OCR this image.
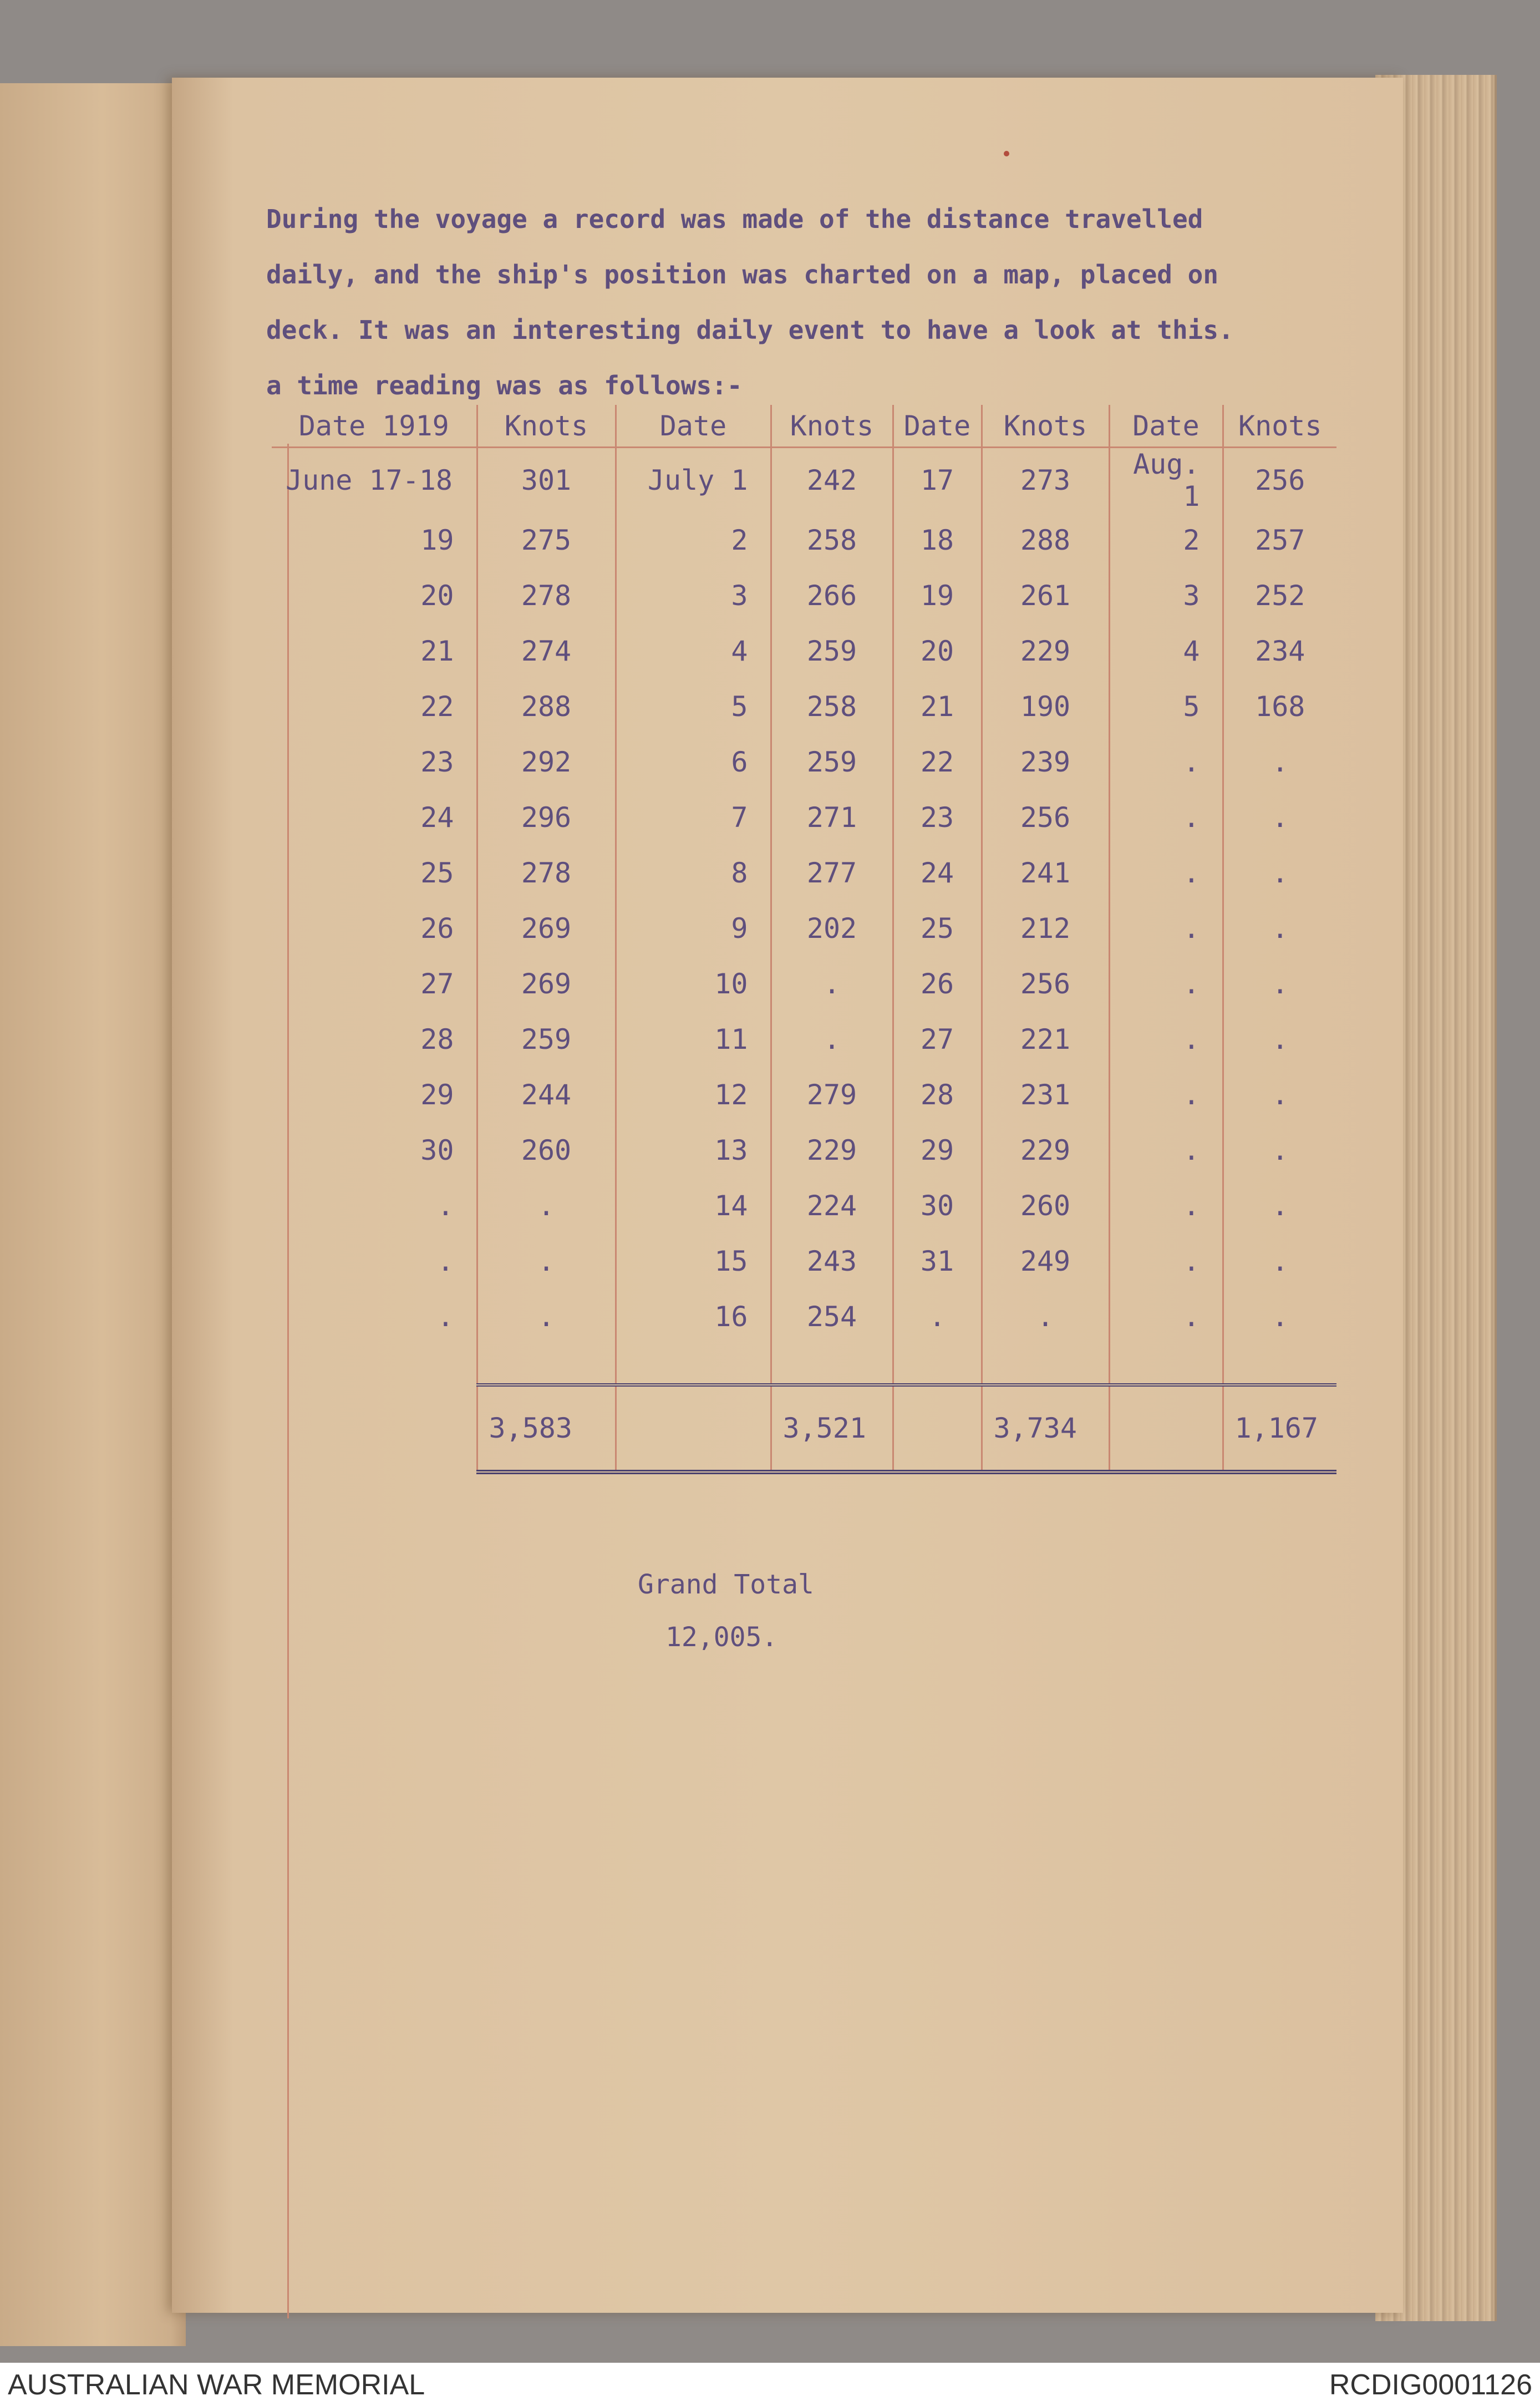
During the voyage a record was made of the distance travelled
daily, and the ship's position was charted on a map, placed on
deck. It was an interesting daily event to have a look at this.
a time reading was as follows:-

Date 1919	Knots	Date	Knots	Date	Knots	Date	Knots
June 17-18	301	July 1	242	17	273	Aug. 1	256
19	275	2	258	18	288	2	257
20	278	3	266	19	261	3	252
21	274	4	259	20	229	4	234
22	288	5	258	21	190	5	168
23	292	6	259	22	239	.	.
24	296	7	271	23	256	.	.
25	278	8	277	24	241	.	.
26	269	9	202	25	212	.	.
27	269	10	.	26	256	.	.
28	259	11	.	27	221	.	.
29	244	12	279	28	231	.	.
30	260	13	229	29	229	.	.
.	.	14	224	30	260	.	.
.	.	15	243	31	249	.	.
.	.	16	254	.	.	.	.

	3,583		3,521		3,734		1,167
Grand Total
12,005.
AUSTRALIAN WAR MEMORIAL	RCDIG0001126
